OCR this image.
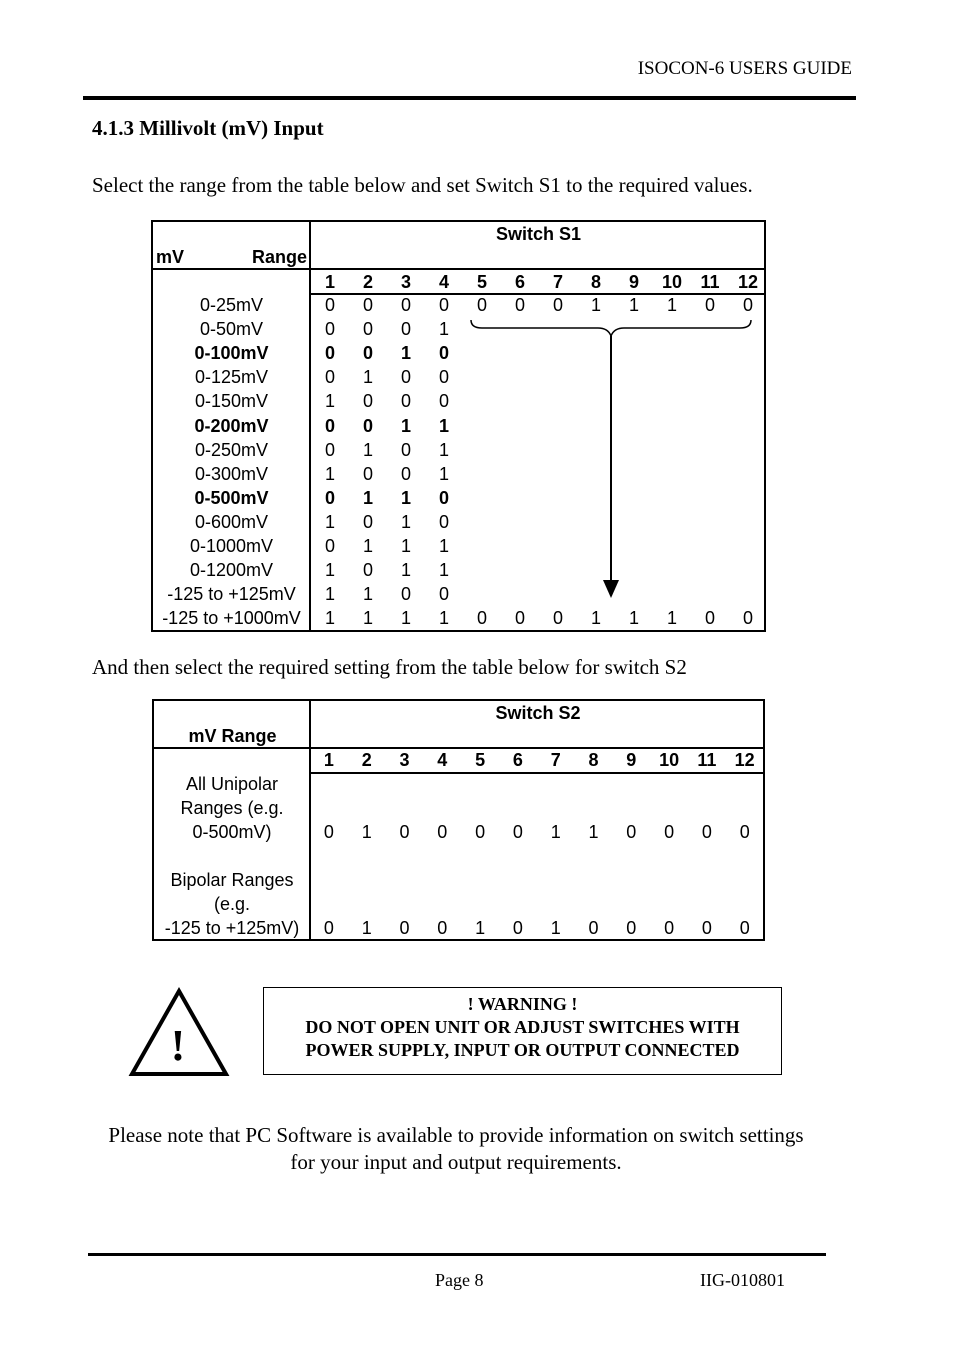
ISOCON-6 USERS GUIDE
4.1.3 Millivolt (mV) Input
Select the range from the table below and set Switch S1 to the required values.
Switch S1
mV	Range
1	2	3	4	5	6	7	8	9	10	11	12
0-25mV	0	0	0	0	0	0	0	1	1	1	0	0
0-50mV	0	0	0	1
0-100mV	0	0	1	0
0-125mV	0	1	0	0
0-150mV	1	0	0	0
0-200mV	0	0	1	1
0-250mV	0	1	0	1
0-300mV	1	0	0	1
0-500mV	0	1	1	0
0-600mV	1	0	1	0
0-1000mV	0	1	1	1
0-1200mV	1	0	1	1
-125 to +125mV	1	1	0	0
-125 to +1000mV	1	1	1	1	0	0	0	1	1	1	0	0
And then select the required setting from the table below for switch S2
Switch S2
mV Range
1	2	3	4	5	6	7	8	9	10	11	12
All Unipolar
Ranges (e.g.
0-500mV)	0	1	0	0	0	0	1	1	0	0	0	0
Bipolar Ranges
(e.g.
-125 to +125mV)	0	1	0	0	1	0	1	0	0	0	0	0
!
! WARNING !
DO NOT OPEN UNIT OR ADJUST SWITCHES WITH
POWER SUPPLY, INPUT OR OUTPUT CONNECTED
Please note that PC Software is available to provide information on switch settings for your input and output requirements.
Page 8	IIG-010801
